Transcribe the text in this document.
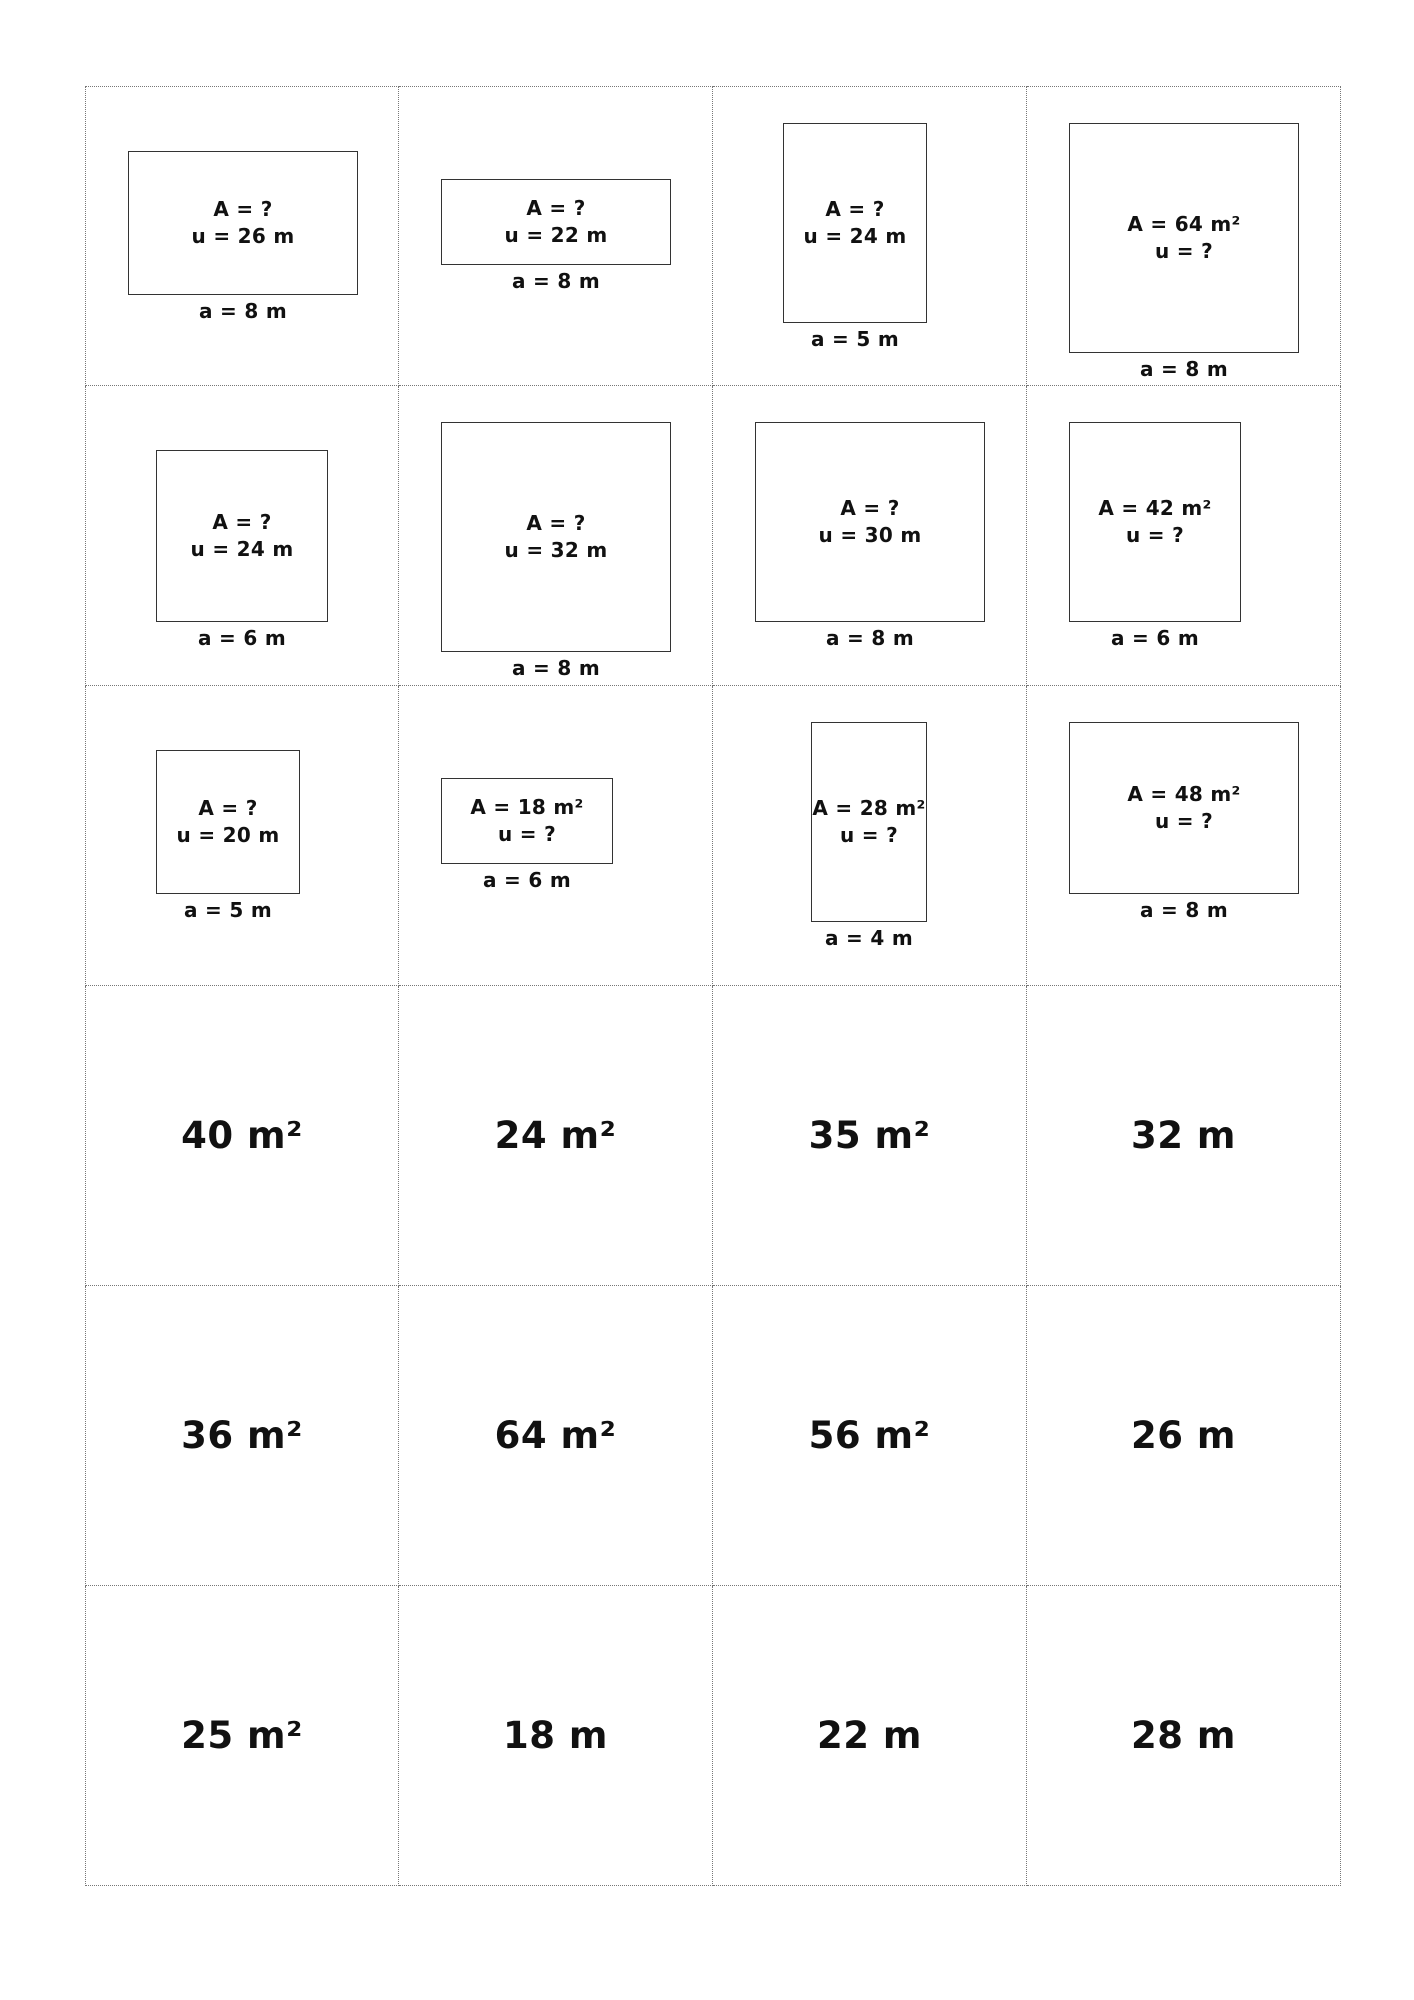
A = ?
u = 26 m
a = 8 m
A = ?
u = 22 m
a = 8 m
A = ?
u = 24 m
a = 5 m
A = 64 m²
u = ?
a = 8 m
A = ?
u = 24 m
a = 6 m
A = ?
u = 32 m
a = 8 m
A = ?
u = 30 m
a = 8 m
A = 42 m²
u = ?
a = 6 m
A = ?
u = 20 m
a = 5 m
A = 18 m²
u = ?
a = 6 m
A = 28 m²
u = ?
a = 4 m
A = 48 m²
u = ?
a = 8 m
40 m²	24 m²	35 m²	32 m
36 m²	64 m²	56 m²	26 m
25 m²	18 m	22 m	28 m
